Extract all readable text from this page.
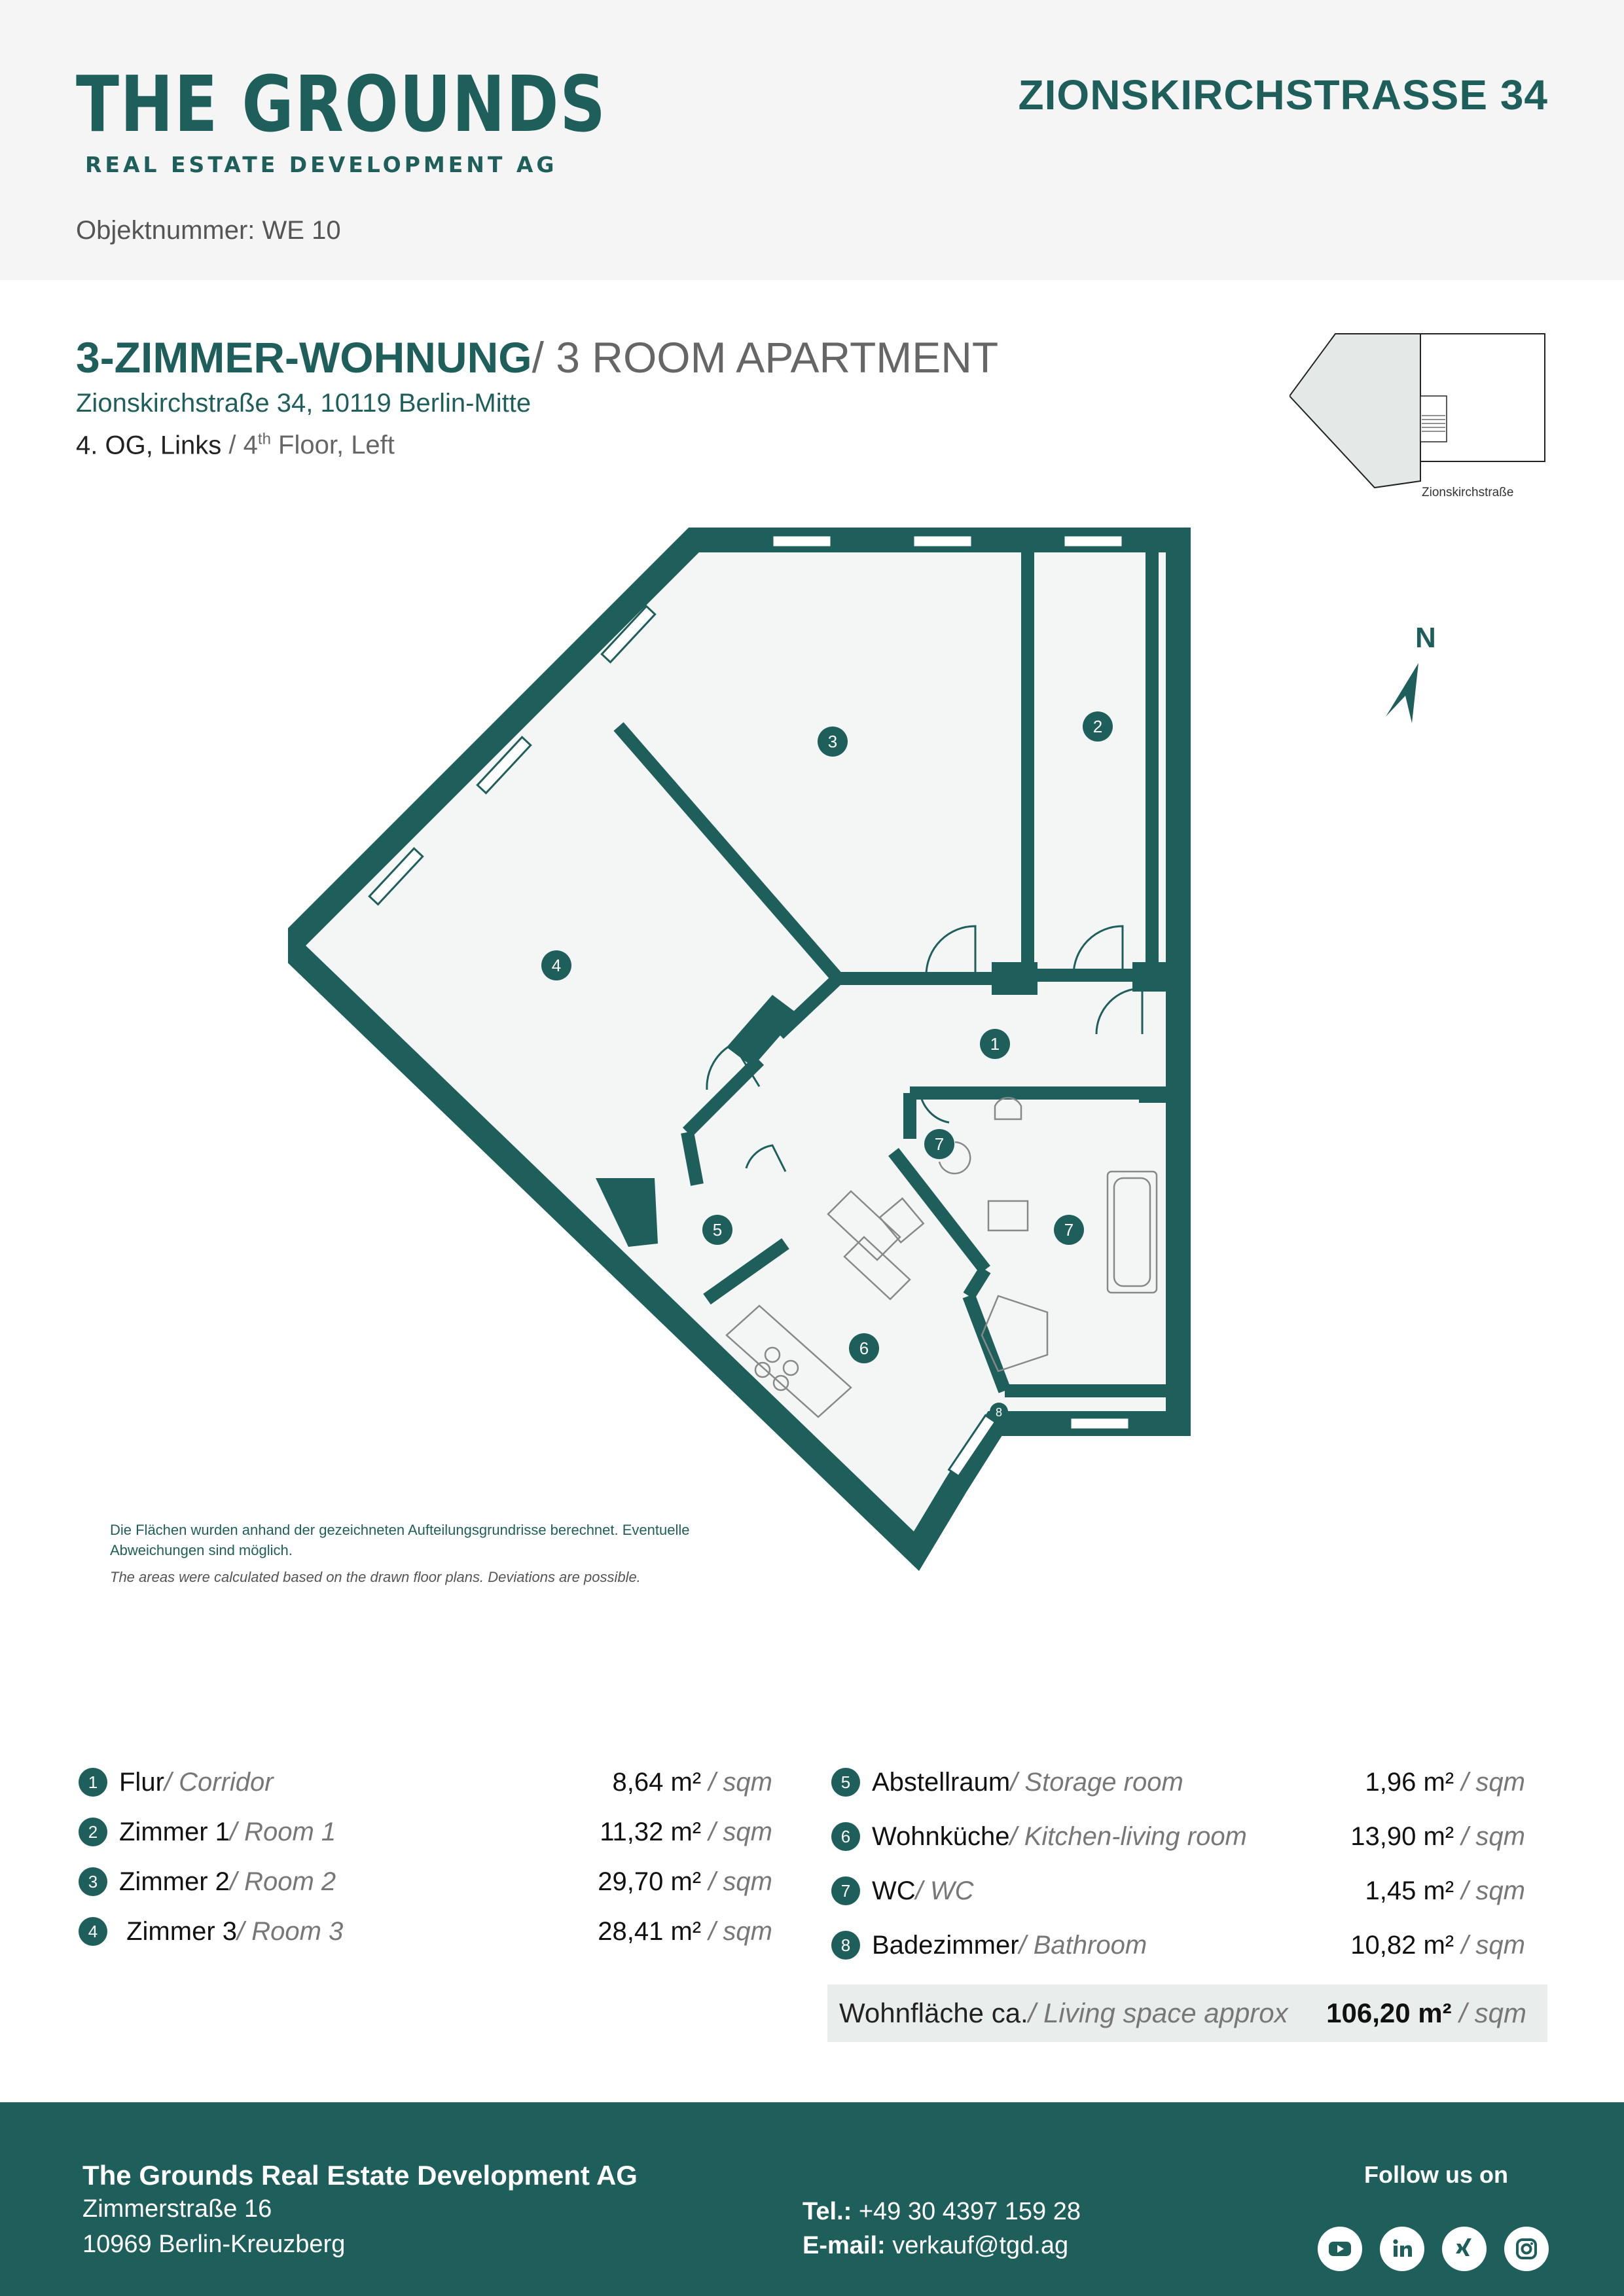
THE GROUNDS
REAL ESTATE DEVELOPMENT AG
Objektnummer: WE 10
ZIONSKIRCHSTRASSE 34
3-ZIMMER-WOHNUNG/ 3 ROOM APARTMENT
Zionskirchstraße 34, 10119 Berlin-Mitte
4. OG, Links / 4th Floor, Left
Zionskirchstraße
N
1
2
3
4
5
6
7
7
8
Die Flächen wurden anhand der gezeichneten Aufteilungsgrundrisse berechnet. Eventuelle Abweichungen sind möglich.
The areas were calculated based on the drawn floor plans. Deviations are possible.
1 Flur / Corridor	8,64 m² / sqm
2 Zimmer 1 / Room 1	11,32 m² / sqm
3 Zimmer 2 / Room 2	29,70 m² / sqm
4 Zimmer 3 / Room 3	28,41 m² / sqm
5 Abstellraum / Storage room	1,96 m² / sqm
6 Wohnküche / Kitchen-living room	13,90 m² / sqm
7 WC / WC	1,45 m² / sqm
8 Badezimmer / Bathroom	10,82 m² / sqm
Wohnfläche ca. / Living space approx 106,20 m² / sqm
The Grounds Real Estate Development AG
Zimmerstraße 16
10969 Berlin-Kreuzberg
Tel.: +49 30 4397 159 28
E-mail: verkauf@tgd.ag
Follow us on
